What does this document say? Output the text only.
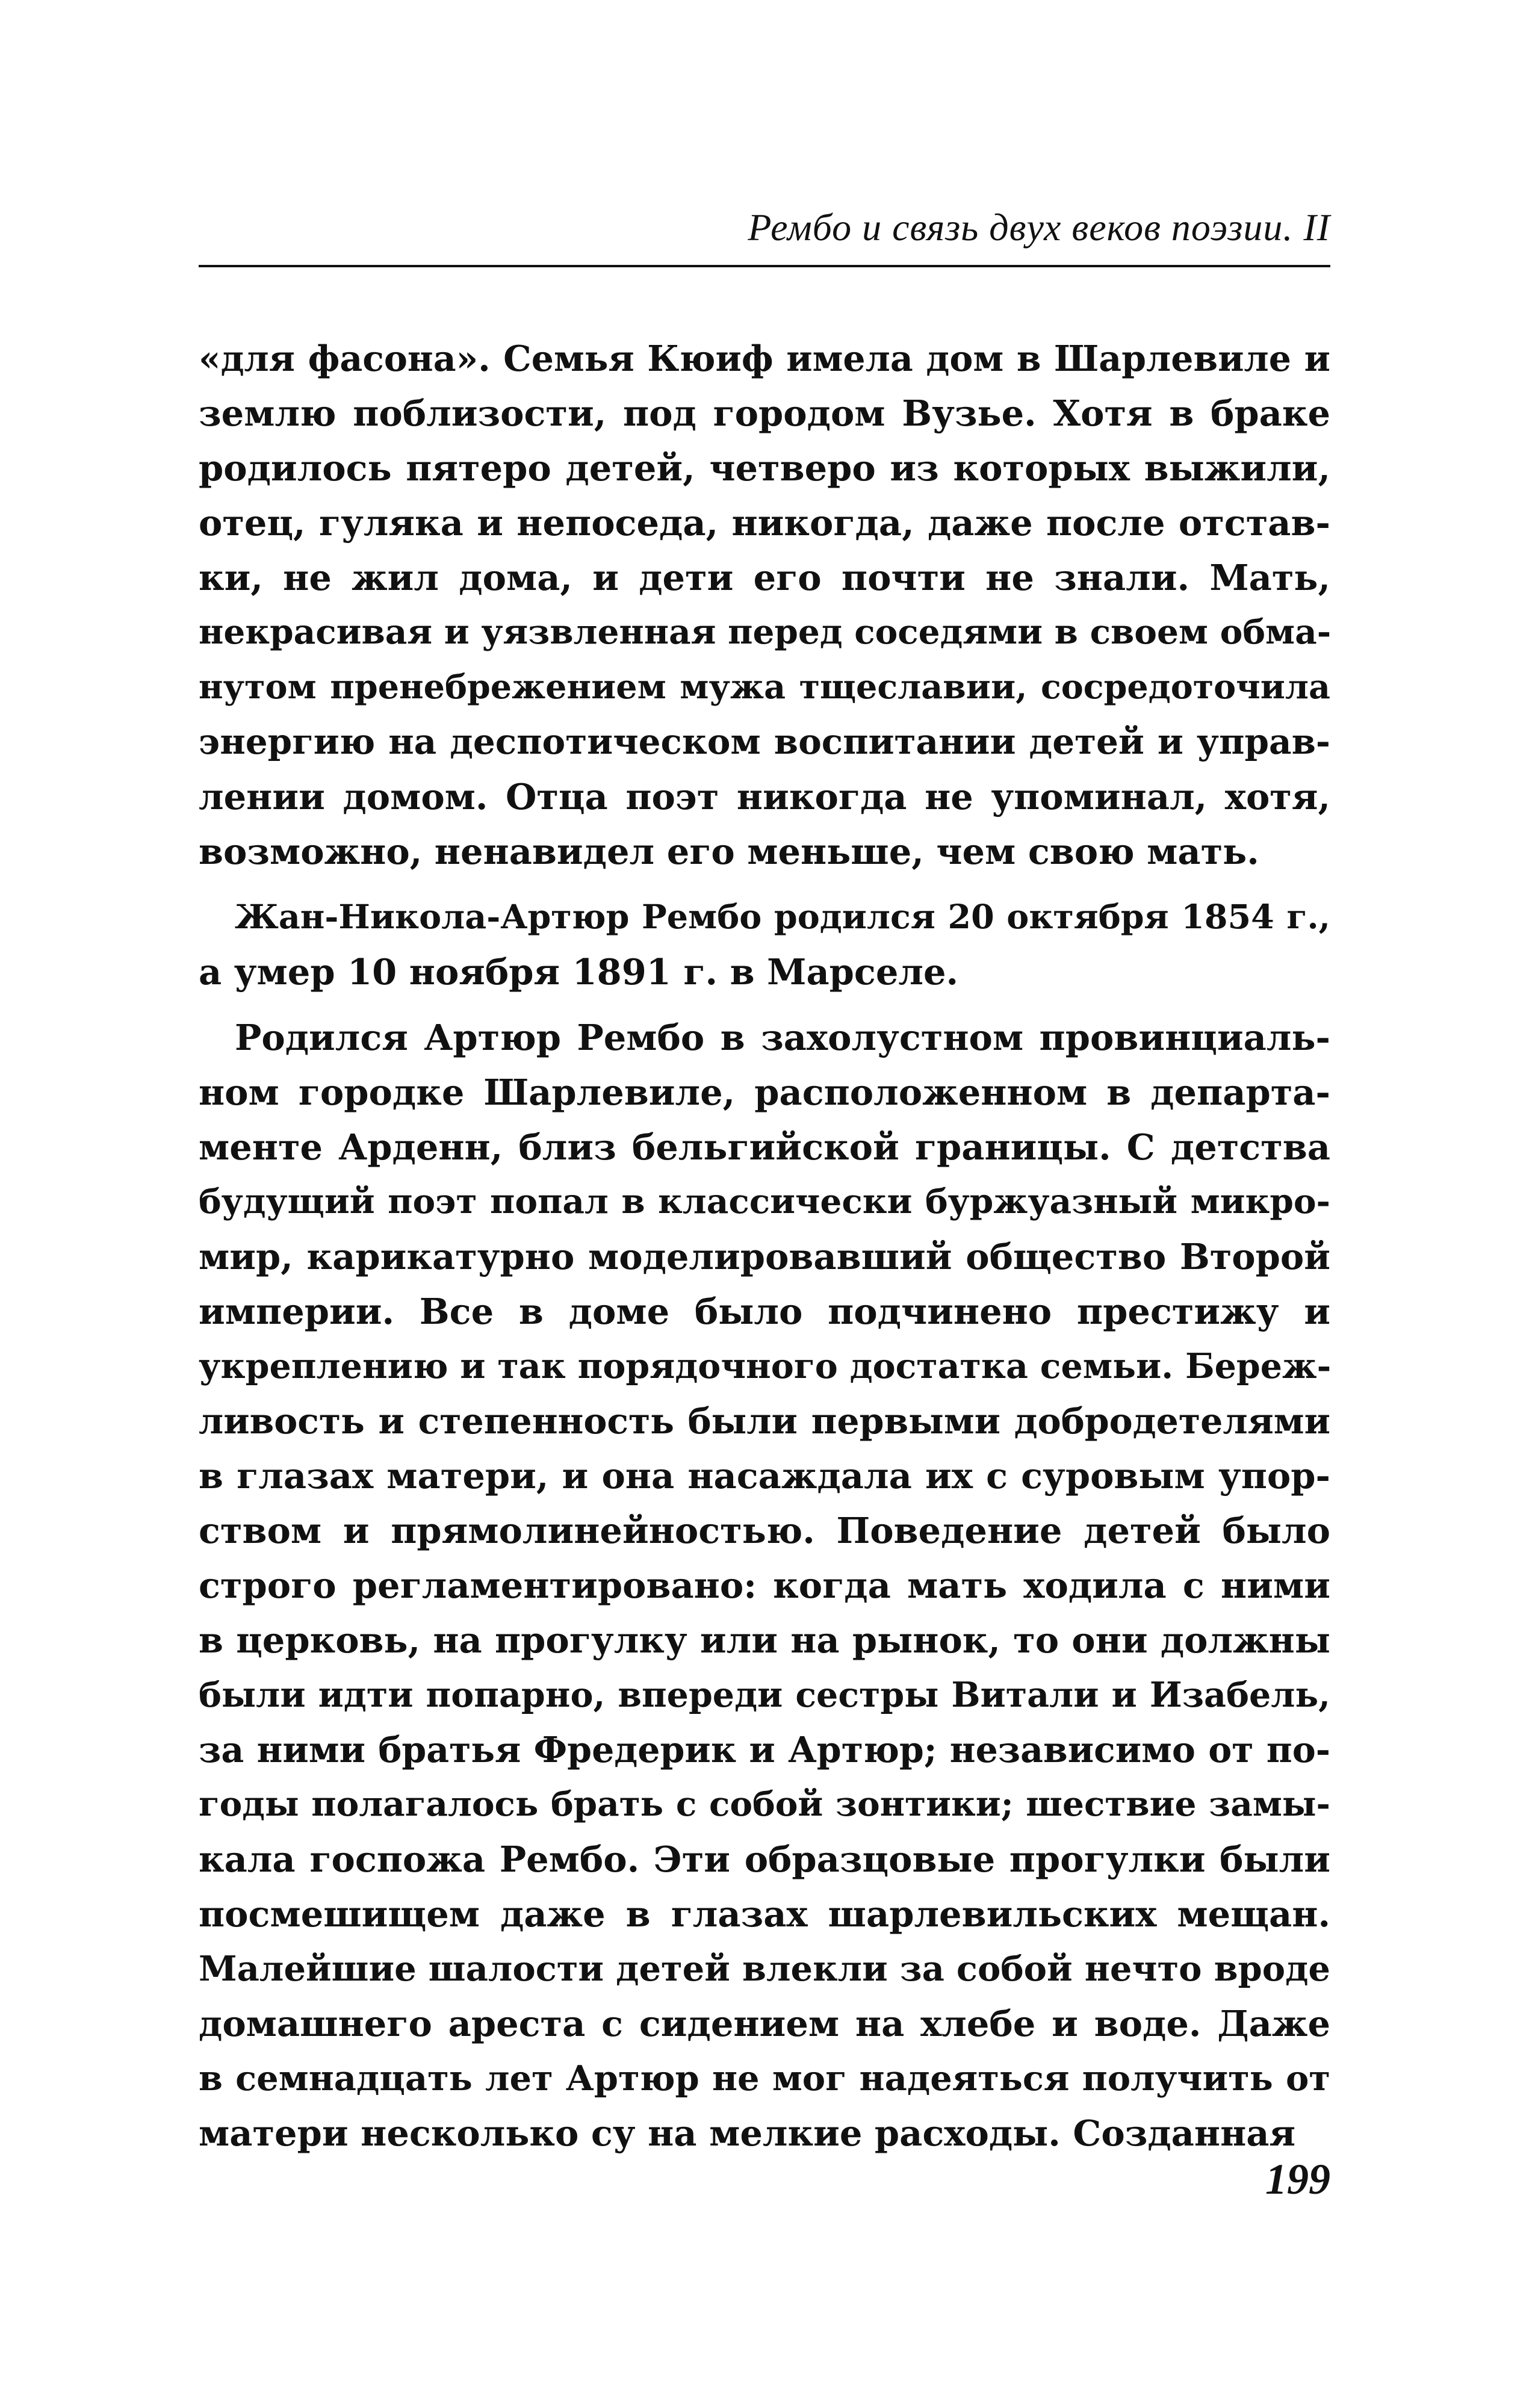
Рембо и связь двух веков поэзии. II
«для фасона». Семья Кюиф имела дом в Шарлевиле и
землю поблизости, под городом Вузье. Хотя в браке
родилось пятеро детей, четверо из которых выжили,
отец, гуляка и непоседа, никогда, даже после отстав-
ки, не жил дома, и дети его почти не знали. Мать,
некрасивая и уязвленная перед соседями в своем обма-
нутом пренебрежением мужа тщеславии, сосредоточила
энергию на деспотическом воспитании детей и управ-
лении домом. Отца поэт никогда не упоминал, хотя,
возможно, ненавидел его меньше, чем свою мать.
Жан-Никола-Артюр Рембо родился 20 октября 1854 г.,
а умер 10 ноября 1891 г. в Марселе.
Родился Артюр Рембо в захолустном провинциаль-
ном городке Шарлевиле, расположенном в департа-
менте Арденн, близ бельгийской границы. С детства
будущий поэт попал в классически буржуазный микро-
мир, карикатурно моделировавший общество Второй
империи. Все в доме было подчинено престижу и
укреплению и так порядочного достатка семьи. Береж-
ливость и степенность были первыми добродетелями
в глазах матери, и она насаждала их с суровым упор-
ством и прямолинейностью. Поведение детей было
строго регламентировано: когда мать ходила с ними
в церковь, на прогулку или на рынок, то они должны
были идти попарно, впереди сестры Витали и Изабель,
за ними братья Фредерик и Артюр; независимо от по-
годы полагалось брать с собой зонтики; шествие замы-
кала госпожа Рембо. Эти образцовые прогулки были
посмешищем даже в глазах шарлевильских мещан.
Малейшие шалости детей влекли за собой нечто вроде
домашнего ареста с сидением на хлебе и воде. Даже
в семнадцать лет Артюр не мог надеяться получить от
матери несколько су на мелкие расходы. Созданная
199
